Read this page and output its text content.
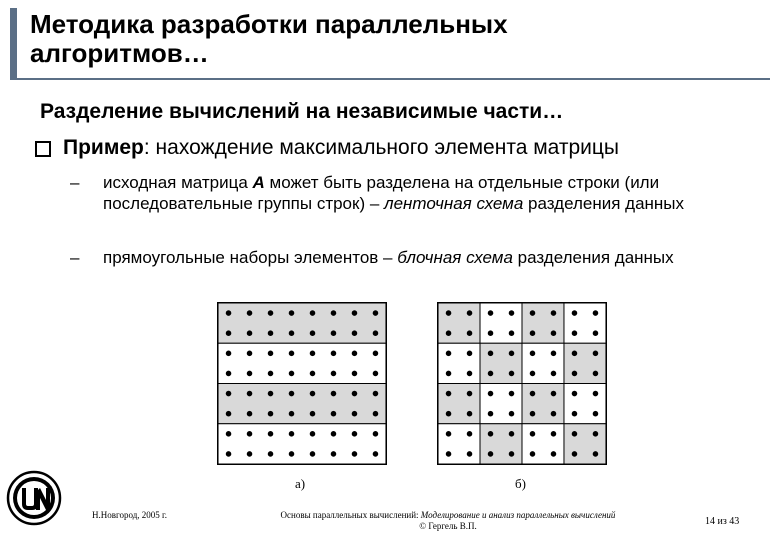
Методика разработки параллельных
алгоритмов…
Разделение вычислений на независимые части…
Пример : нахождение максимального элемента матрицы
– исходная матрица А может быть разделена на отдельные строки (или последовательные группы строк) – ленточная схема разделения данных
– прямоугольные наборы элементов – блочная схема разделения данных
а)	б)
Н.Новгород, 2005 г.	Основы параллельных вычислений: Моделирование и анализ параллельных вычислений
© Гергель В.П.	14 из 43
